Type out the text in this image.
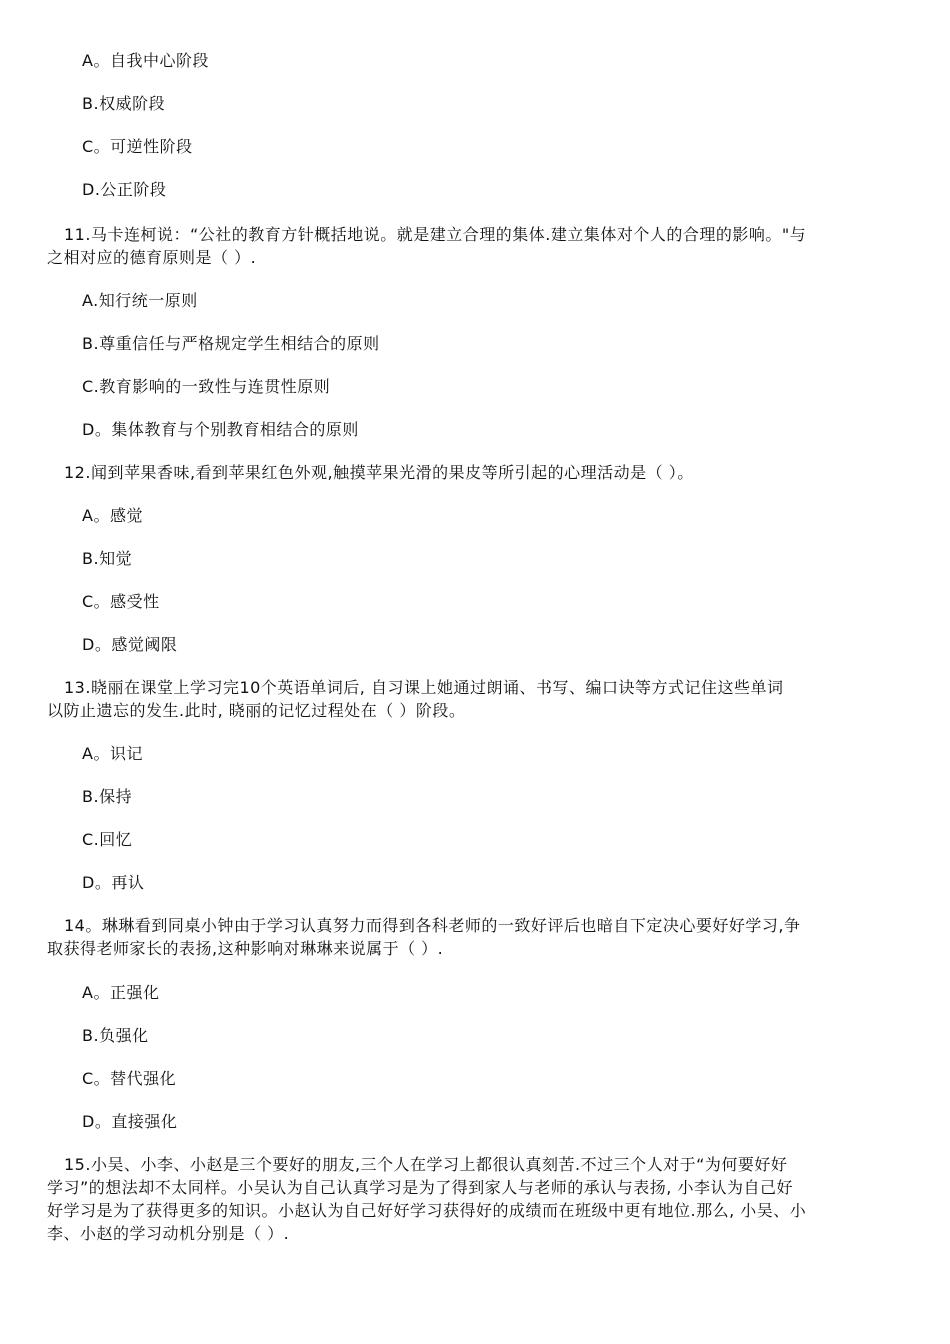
A。自我中心阶段
B.权威阶段
C。可逆性阶段
D.公正阶段
11.马卡连柯说：“公社的教育方针概括地说。就是建立合理的集体.建立集体对个人的合理的影响。"与
之相对应的德育原则是（ ）.
A.知行统一原则
B.尊重信任与严格规定学生相结合的原则
C.教育影响的一致性与连贯性原则
D。集体教育与个别教育相结合的原则
12.闻到苹果香味,看到苹果红色外观,触摸苹果光滑的果皮等所引起的心理活动是（ ）。
A。感觉
B.知觉
C。感受性
D。感觉阈限
13.晓丽在课堂上学习完10个英语单词后, 自习课上她通过朗诵、书写、编口诀等方式记住这些单词
以防止遗忘的发生.此时, 晓丽的记忆过程处在（ ）阶段。
A。识记
B.保持
C.回忆
D。再认
14。琳琳看到同桌小钟由于学习认真努力而得到各科老师的一致好评后也暗自下定决心要好好学习,争
取获得老师家长的表扬,这种影响对琳琳来说属于（ ）.
A。正强化
B.负强化
C。替代强化
D。直接强化
15.小吴、小李、小赵是三个要好的朋友,三个人在学习上都很认真刻苦.不过三个人对于“为何要好好
学习”的想法却不太同样。小吴认为自己认真学习是为了得到家人与老师的承认与表扬, 小李认为自己好
好学习是为了获得更多的知识。小赵认为自己好好学习获得好的成绩而在班级中更有地位.那么, 小吴、小
李、小赵的学习动机分别是（ ）.
